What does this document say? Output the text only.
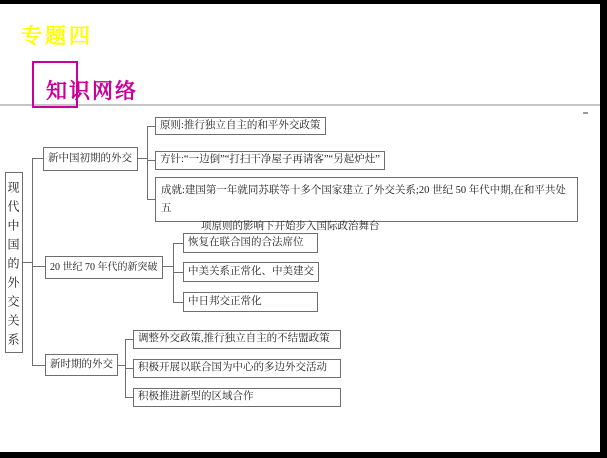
专题四
知识网络
现代中国的外交关系
新中国初期的外交
20 世纪 70 年代的新突破
新时期的外交
原则:推行独立自主的和平外交政策
方针:“一边倒”“打扫干净屋子再请客”“另起炉灶”
成就:建国第一年就同苏联等十多个国家建立了外交关系;20 世纪 50 年代中期,在和平共处五
项原则的影响下开始步入国际政治舞台
恢复在联合国的合法席位
中美关系正常化、中美建交
中日邦交正常化
调整外交政策,推行独立自主的不结盟政策
积极开展以联合国为中心的多边外交活动
积极推进新型的区域合作
